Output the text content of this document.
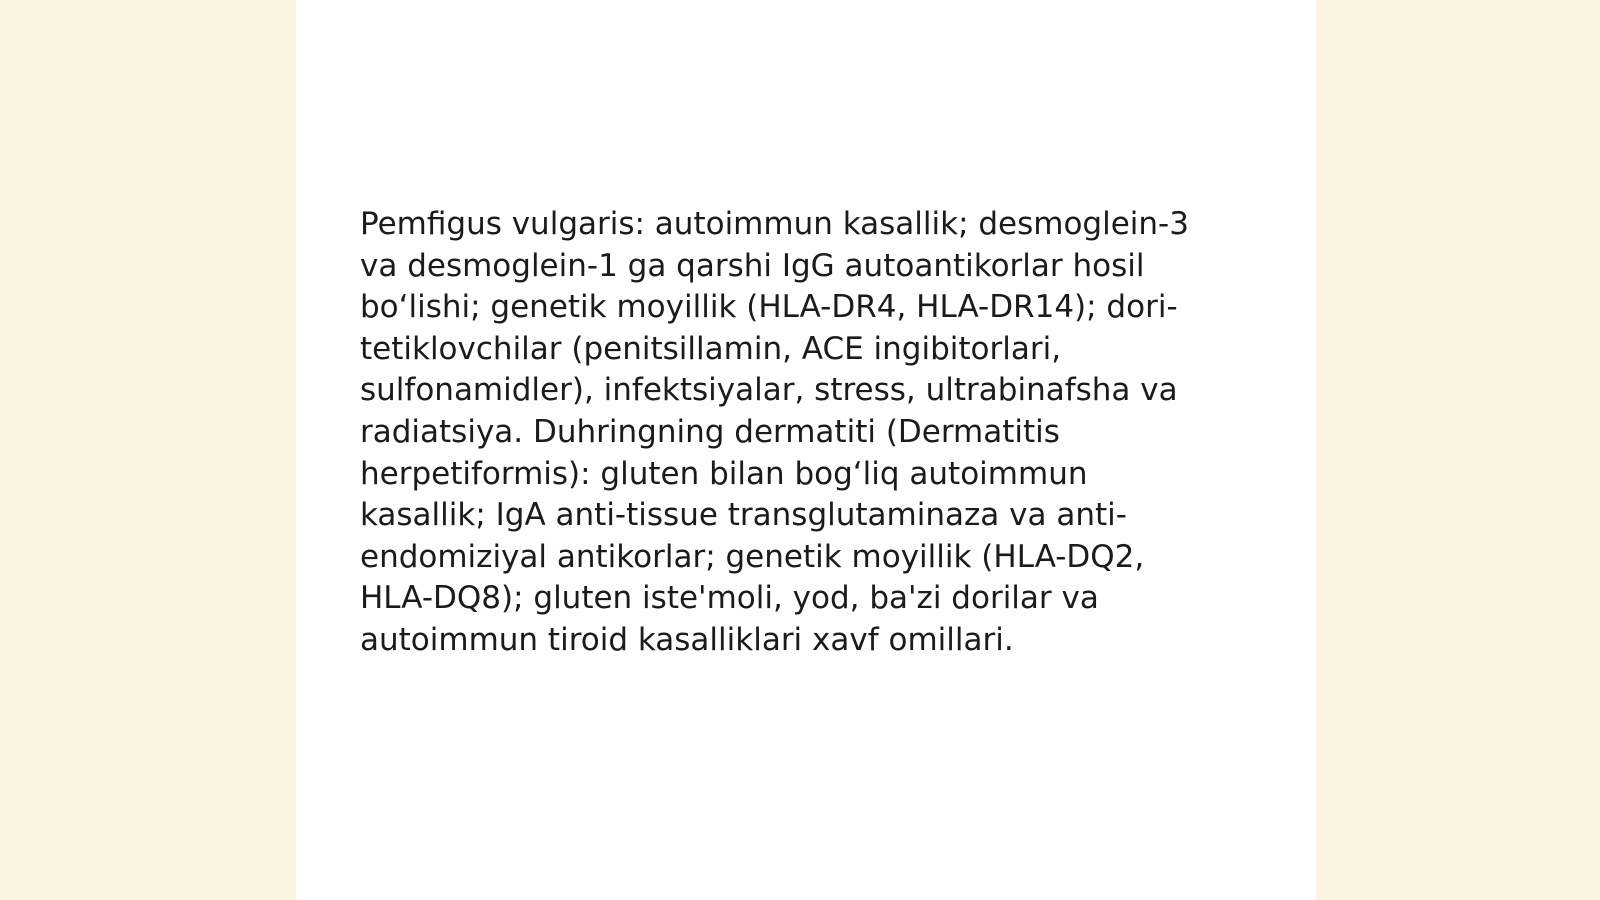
Pemfigus vulgaris: autoimmun kasallik; desmoglein-3
va desmoglein-1 ga qarshi IgG autoantikorlar hosil
bo‘lishi; genetik moyillik (HLA-DR4, HLA-DR14); dori-
tetiklovchilar (penitsillamin, ACE ingibitorlari,
sulfonamidler), infektsiyalar, stress, ultrabinafsha va
radiatsiya. Duhringning dermatiti (Dermatitis
herpetiformis): gluten bilan bog‘liq autoimmun
kasallik; IgA anti-tissue transglutaminaza va anti-
endomiziyal antikorlar; genetik moyillik (HLA-DQ2,
HLA-DQ8); gluten iste'moli, yod, ba'zi dorilar va
autoimmun tiroid kasalliklari xavf omillari.
